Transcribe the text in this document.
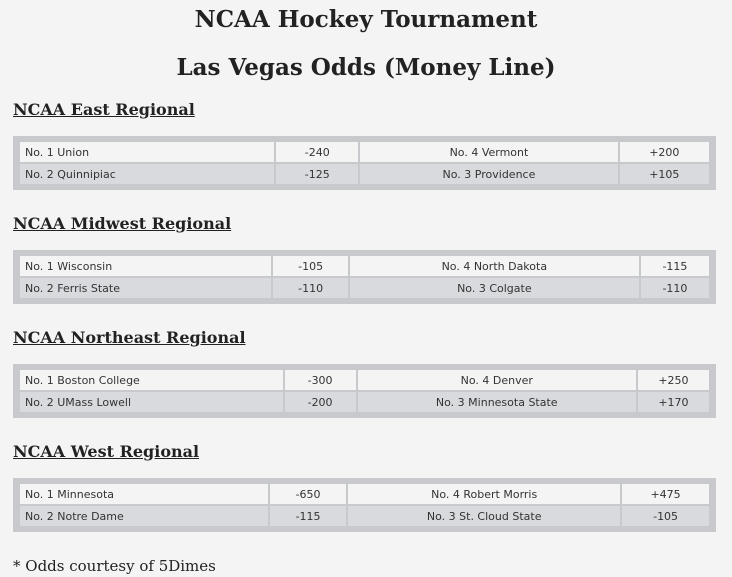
NCAA Hockey Tournament
Las Vegas Odds (Money Line)
NCAA East Regional
No. 1 Union	-240	No. 4 Vermont	+200
No. 2 Quinnipiac	-125	No. 3 Providence	+105
NCAA Midwest Regional
No. 1 Wisconsin	-105	No. 4 North Dakota	-115
No. 2 Ferris State	-110	No. 3 Colgate	-110
NCAA Northeast Regional
No. 1 Boston College	-300	No. 4 Denver	+250
No. 2 UMass Lowell	-200	No. 3 Minnesota State	+170
NCAA West Regional
No. 1 Minnesota	-650	No. 4 Robert Morris	+475
No. 2 Notre Dame	-115	No. 3 St. Cloud State	-105

* Odds courtesy of 5Dimes
